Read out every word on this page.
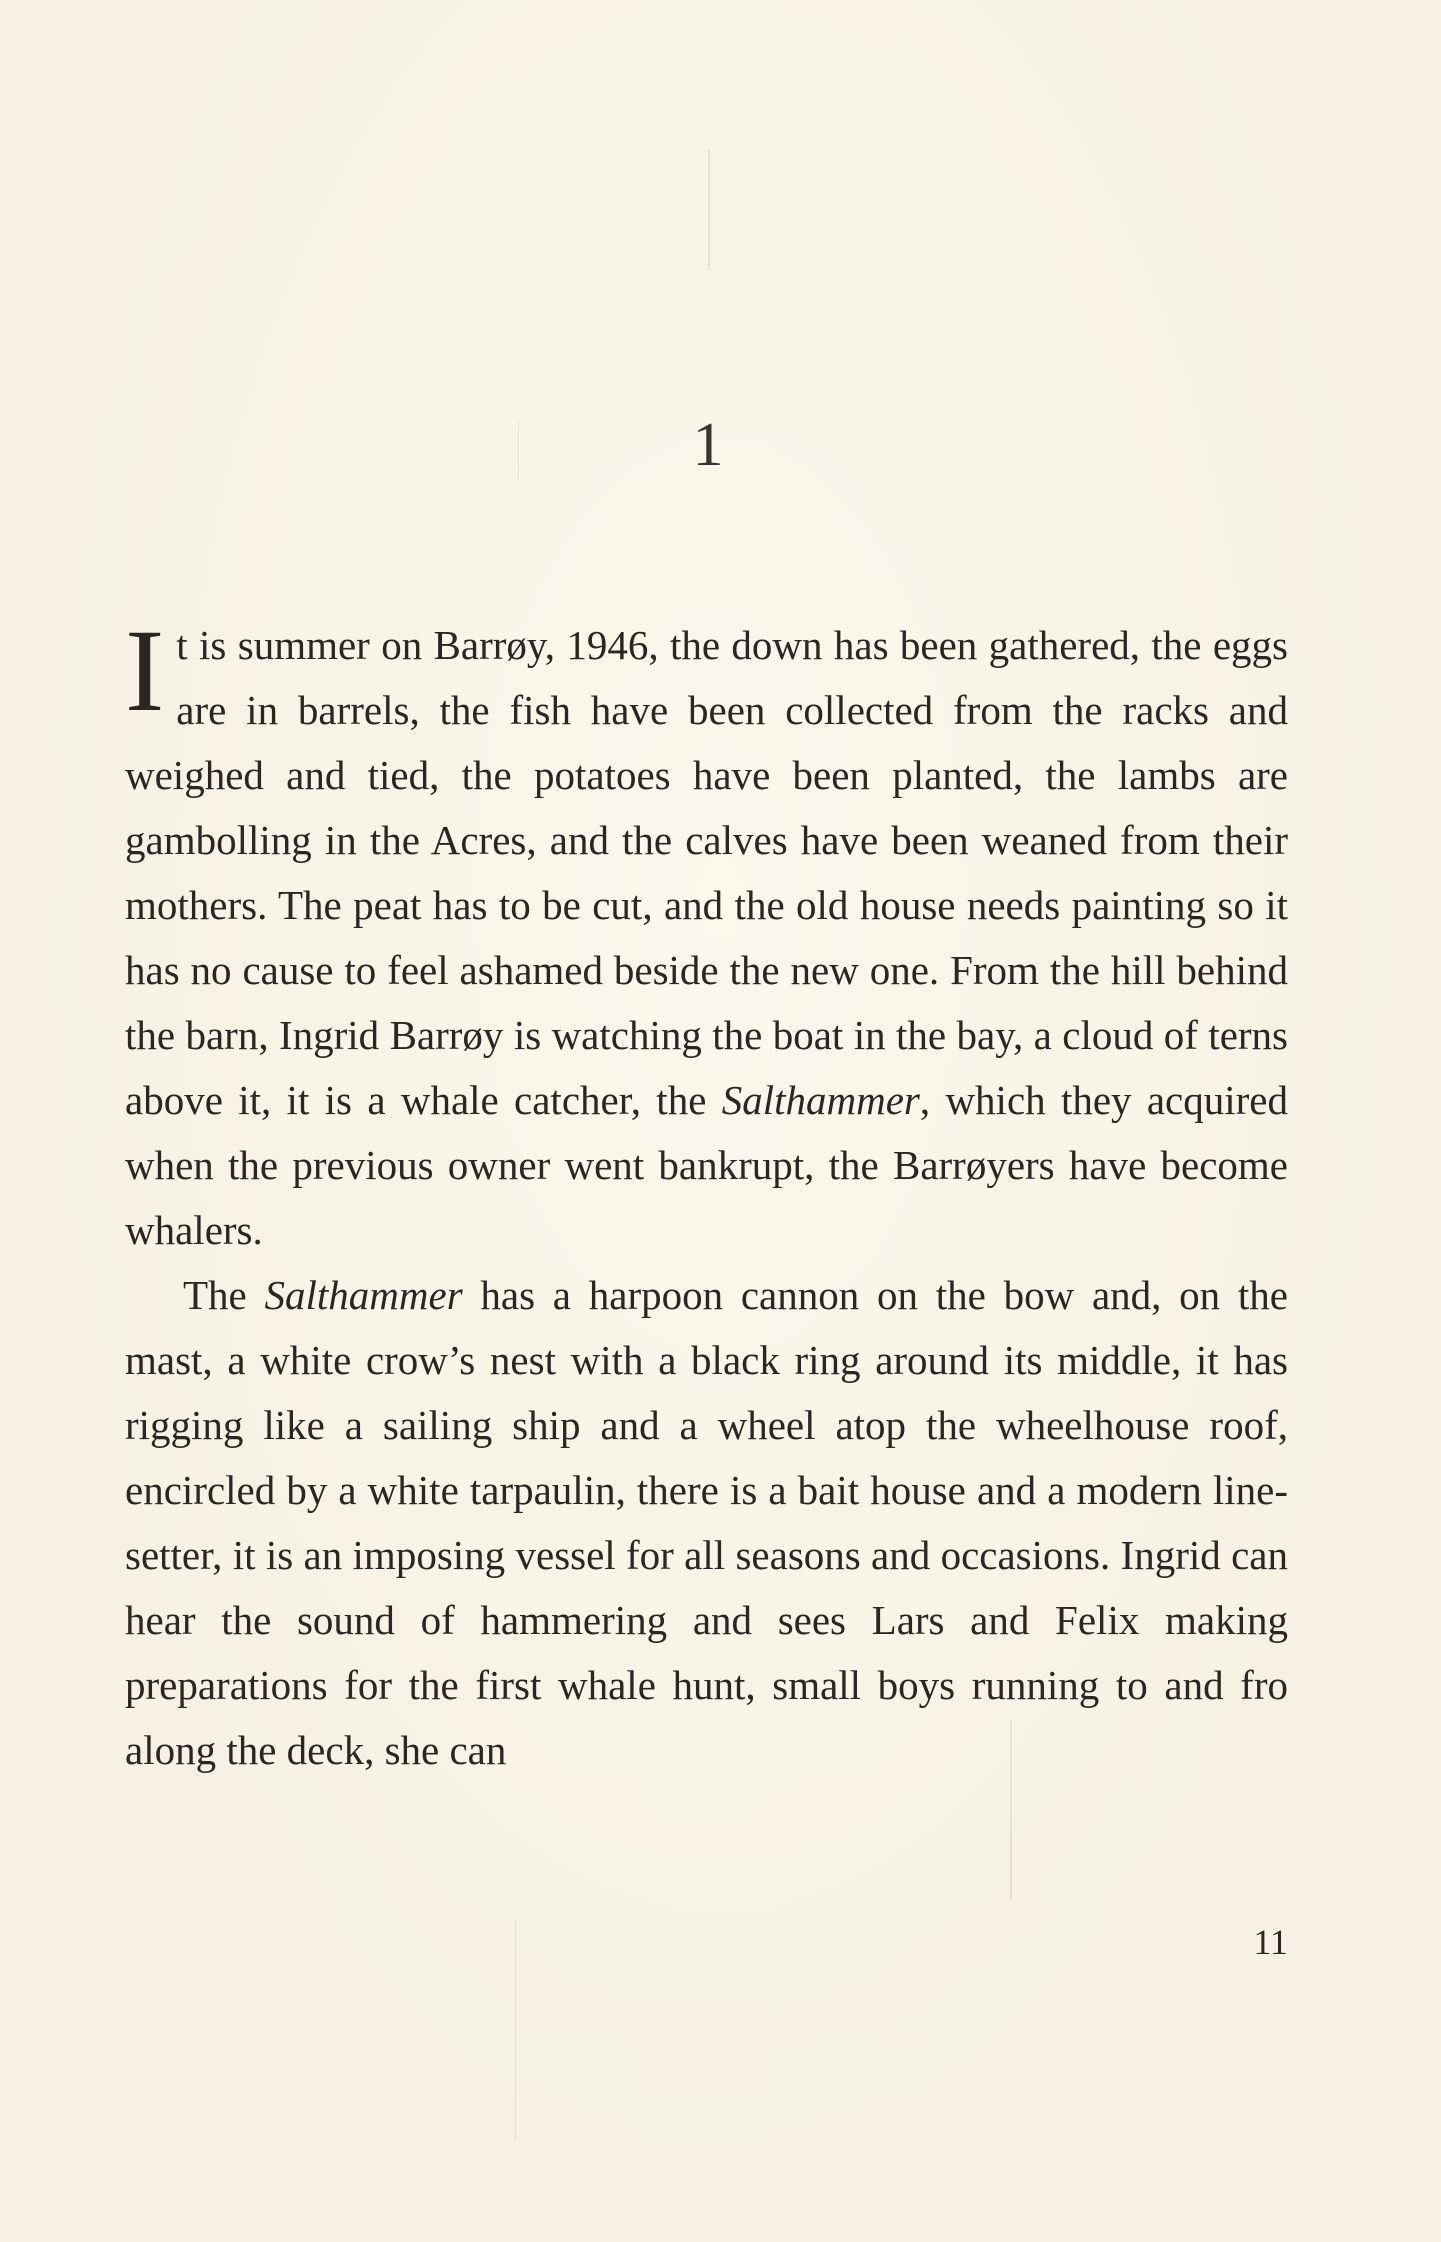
1

It is summer on Barrøy, 1946, the down has been gathered, the eggs are in barrels, the fish have been collected from the racks and weighed and tied, the potatoes have been planted, the lambs are gambolling in the Acres, and the calves have been weaned from their mothers. The peat has to be cut, and the old house needs painting so it has no cause to feel ashamed beside the new one. From the hill behind the barn, Ingrid Barrøy is watching the boat in the bay, a cloud of terns above it, it is a whale catcher, the Salthammer, which they acquired when the previous owner went bankrupt, the Barrøyers have become whalers.

The Salthammer has a harpoon cannon on the bow and, on the mast, a white crow’s nest with a black ring around its middle, it has rigging like a sailing ship and a wheel atop the wheelhouse roof, encircled by a white tarpaulin, there is a bait house and a modern line-setter, it is an imposing vessel for all seasons and occasions. Ingrid can hear the sound of hammering and sees Lars and Felix making preparations for the first whale hunt, small boys running to and fro along the deck, she can

11
